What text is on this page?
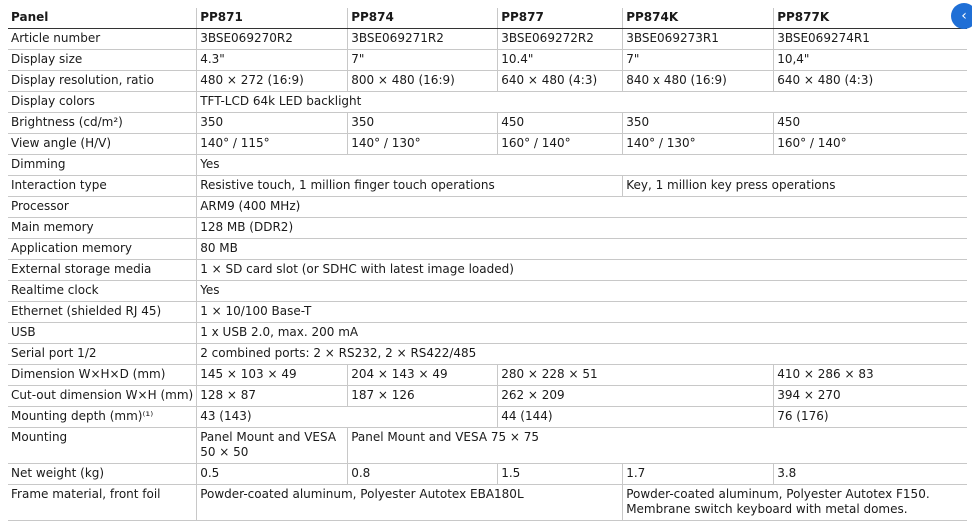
Panel	PP871	PP874	PP877	PP874K	PP877K
Article number	3BSE069270R2	3BSE069271R2	3BSE069272R2	3BSE069273R1	3BSE069274R1
Display size	4.3"	7"	10.4"	7"	10,4"
Display resolution, ratio	480 × 272 (16:9)	800 × 480 (16:9)	640 × 480 (4:3)	840 x 480 (16:9)	640 × 480 (4:3)
Display colors	TFT-LCD 64k LED backlight				
Brightness (cd/m²)	350	350	450	350	450
View angle (H/V)	140° / 115°	140° / 130°	160° / 140°	140° / 130°	160° / 140°
Dimming	Yes				
Interaction type	Resistive touch, 1 million finger touch operations			Key, 1 million key press operations	
Processor	ARM9 (400 MHz)				
Main memory	128 MB (DDR2)				
Application memory	80 MB				
External storage media	1 × SD card slot (or SDHC with latest image loaded)				
Realtime clock	Yes				
Ethernet (shielded RJ 45)	1 × 10/100 Base-T				
USB	1 x USB 2.0, max. 200 mA				
Serial port 1/2	2 combined ports: 2 × RS232, 2 × RS422/485				
Dimension W×H×D (mm)	145 × 103 × 49	204 × 143 × 49	280 × 228 × 51		410 × 286 × 83
Cut-out dimension W×H (mm)	128 × 87	187 × 126	262 × 209		394 × 270
Mounting depth (mm)⁽¹⁾	43 (143)		44 (144)		76 (176)
Mounting	Panel Mount and VESA 50 × 50	Panel Mount and VESA 75 × 75			
Net weight (kg)	0.5	0.8	1.5	1.7	3.8
Frame material, front foil	Powder-coated aluminum, Polyester Autotex EBA180L			Powder-coated aluminum, Polyester Autotex F150. Membrane switch keyboard with metal domes.	
‹
